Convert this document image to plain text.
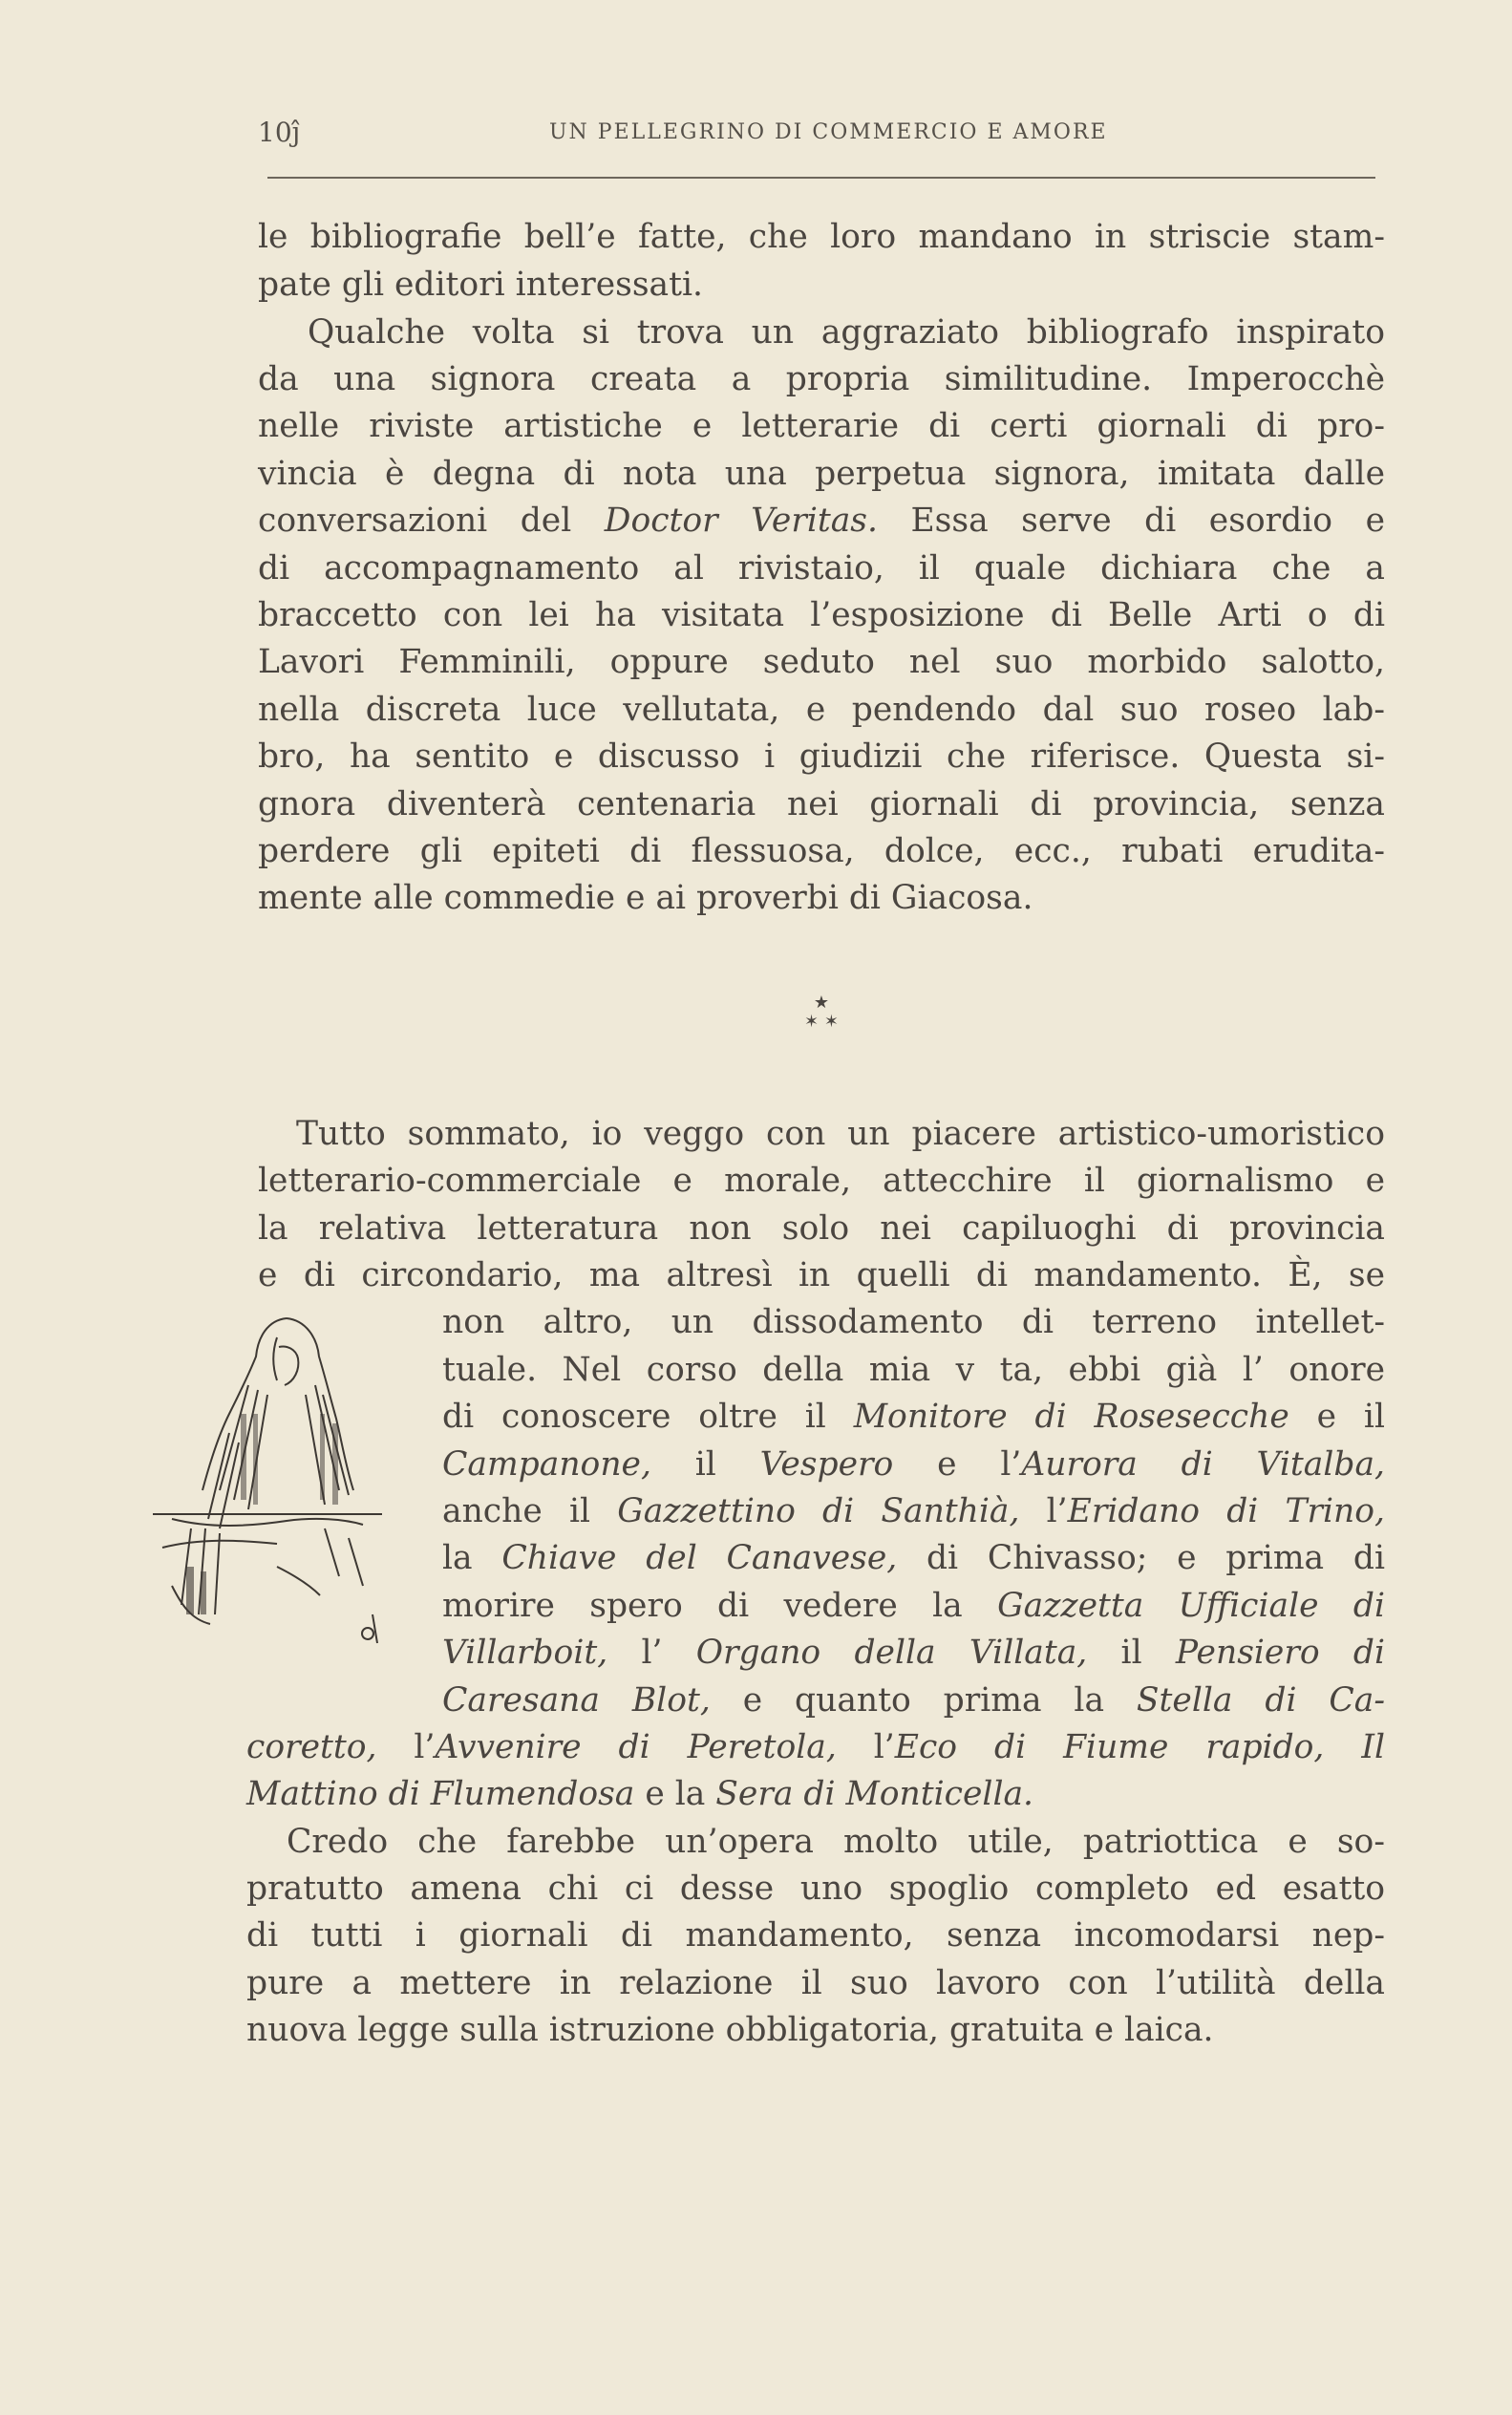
10ĵ	UN PELLEGRINO DI COMMERCIO E AMORE
le bibliografie bell’e fatte, che loro mandano in striscie stam-
pate gli editori interessati.
Qualche volta si trova un aggraziato bibliografo inspirato
da una signora creata a propria similitudine. Imperocchè
nelle riviste artistiche e letterarie di certi giornali di pro-
vincia è degna di nota una perpetua signora, imitata dalle
conversazioni del Doctor Veritas. Essa serve di esordio e
di accompagnamento al rivistaio, il quale dichiara che a
braccetto con lei ha visitata l’esposizione di Belle Arti o di
Lavori Femminili, oppure seduto nel suo morbido salotto,
nella discreta luce vellutata, e pendendo dal suo roseo lab-
bro, ha sentito e discusso i giudizii che riferisce. Questa si-
gnora diventerà centenaria nei giornali di provincia, senza
perdere gli epiteti di flessuosa, dolce, ecc., rubati erudita-
mente alle commedie e ai proverbi di Giacosa.
★
✶ ✶
Tutto sommato, io veggo con un piacere artistico-umoristico
letterario-commerciale e morale, attecchire il giornalismo e
la relativa letteratura non solo nei capiluoghi di provincia
e di circondario, ma altresì in quelli di mandamento. È, se
non altro, un dissodamento di terreno intellet-
tuale. Nel corso della mia v ta, ebbi già l’ onore
di conoscere oltre il Monitore di Rosesecche e il
Campanone, il Vespero e l’Aurora di Vitalba,
anche il Gazzettino di Santhià, l’Eridano di Trino,
la Chiave del Canavese, di Chivasso; e prima di
morire spero di vedere la Gazzetta Ufficiale di
Villarboit, l’ Organo della Villata, il Pensiero di
Caresana Blot, e quanto prima la Stella di Ca-
coretto, l’Avvenire di Peretola, l’Eco di Fiume rapido, Il
Mattino di Flumendosa e la Sera di Monticella.
Credo che farebbe un’opera molto utile, patriottica e so-
pratutto amena chi ci desse uno spoglio completo ed esatto
di tutti i giornali di mandamento, senza incomodarsi nep-
pure a mettere in relazione il suo lavoro con l’utilità della
nuova legge sulla istruzione obbligatoria, gratuita e laica.
